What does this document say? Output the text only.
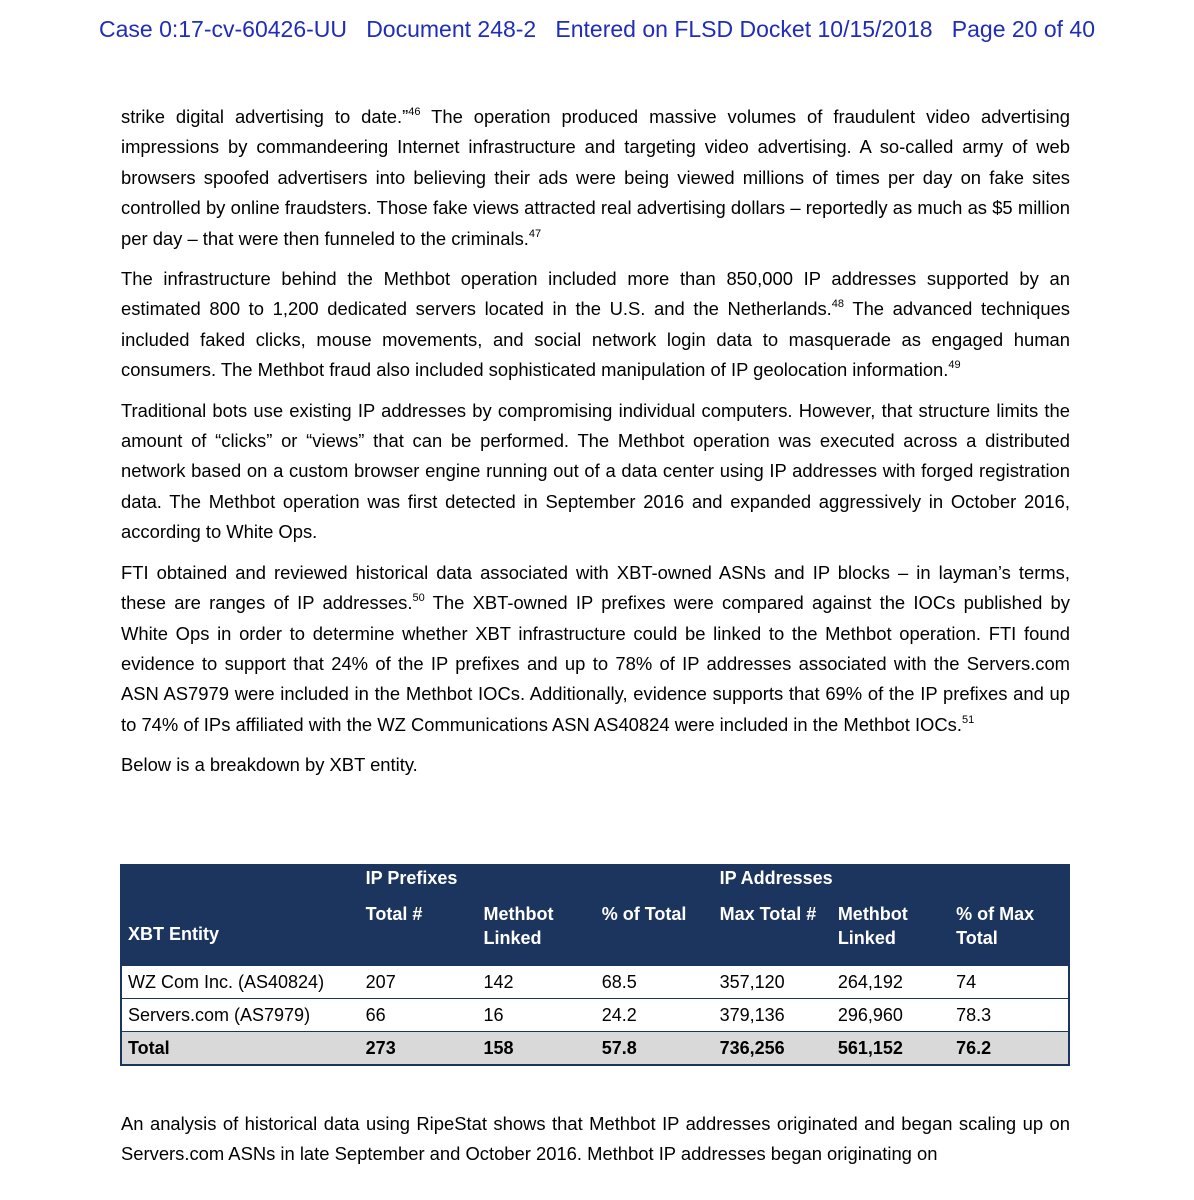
Case 0:17-cv-60426-UU Document 248-2 Entered on FLSD Docket 10/15/2018 Page 20 of 40

strike digital advertising to date.”$^{46}$ The operation produced massive volumes of fraudulent video advertising impressions by commandeering Internet infrastructure and targeting video advertising. A so-called army of web browsers spoofed advertisers into believing their ads were being viewed millions of times per day on fake sites controlled by online fraudsters. Those fake views attracted real advertising dollars – reportedly as much as $5 million per day – that were then funneled to the criminals.$^{47}$

The infrastructure behind the Methbot operation included more than 850,000 IP addresses supported by an estimated 800 to 1,200 dedicated servers located in the U.S. and the Netherlands.$^{48}$ The advanced techniques included faked clicks, mouse movements, and social network login data to masquerade as engaged human consumers. The Methbot fraud also included sophisticated manipulation of IP geolocation information.$^{49}$

Traditional bots use existing IP addresses by compromising individual computers. However, that structure limits the amount of “clicks” or “views” that can be performed. The Methbot operation was executed across a distributed network based on a custom browser engine running out of a data center using IP addresses with forged registration data. The Methbot operation was first detected in September 2016 and expanded aggressively in October 2016, according to White Ops.

FTI obtained and reviewed historical data associated with XBT-owned ASNs and IP blocks – in layman’s terms, these are ranges of IP addresses.$^{50}$ The XBT-owned IP prefixes were compared against the IOCs published by White Ops in order to determine whether XBT infrastructure could be linked to the Methbot operation. FTI found evidence to support that 24% of the IP prefixes and up to 78% of IP addresses associated with the Servers.com ASN AS7979 were included in the Methbot IOCs. Additionally, evidence supports that 69% of the IP prefixes and up to 74% of IPs affiliated with the WZ Communications ASN AS40824 were included in the Methbot IOCs.$^{51}$

Below is a breakdown by XBT entity.

	IP Prefixes			IP Addresses		
XBT Entity	Total #	Methbot Linked	% of Total	Max Total #	Methbot Linked	% of Max Total
WZ Com Inc. (AS40824)	207	142	68.5	357,120	264,192	74
Servers.com (AS7979)	66	16	24.2	379,136	296,960	78.3
Total	273	158	57.8	736,256	561,152	76.2
An analysis of historical data using RipeStat shows that Methbot IP addresses originated and began scaling up on Servers.com ASNs in late September and October 2016. Methbot IP addresses began originating on
